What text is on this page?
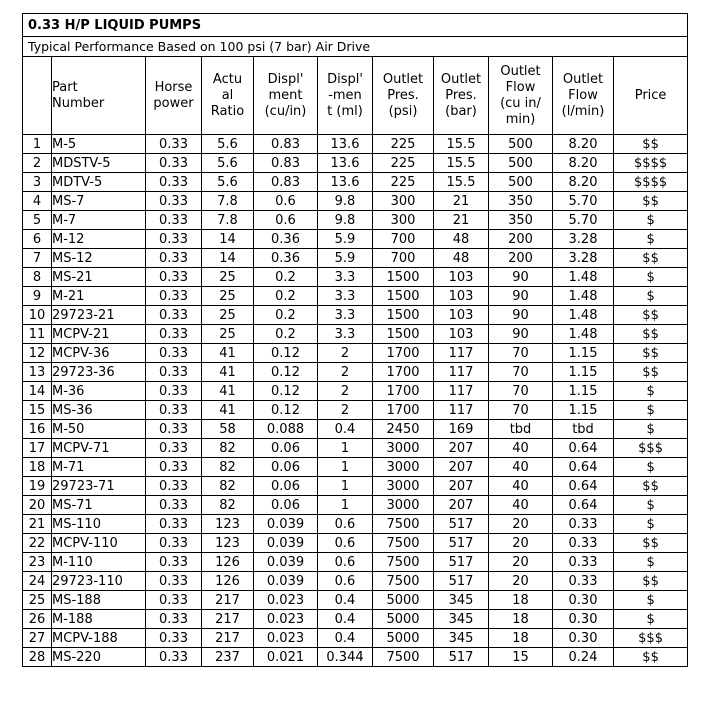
0.33 H/P LIQUID PUMPS										
Typical Performance Based on 100 psi (7 bar) Air Drive										
	Part
Number	Horse
power	Actu
al
Ratio	Displ'
ment
(cu/in)	Displ'
-men
t (ml)	Outlet
Pres.
(psi)	Outlet
Pres.
(bar)	Outlet
Flow
(cu in/
min)	Outlet
Flow
(l/min)	Price
1	M-5	0.33	5.6	0.83	13.6	225	15.5	500	8.20	$$
2	MDSTV-5	0.33	5.6	0.83	13.6	225	15.5	500	8.20	$$$$
3	MDTV-5	0.33	5.6	0.83	13.6	225	15.5	500	8.20	$$$$
4	MS-7	0.33	7.8	0.6	9.8	300	21	350	5.70	$$
5	M-7	0.33	7.8	0.6	9.8	300	21	350	5.70	$
6	M-12	0.33	14	0.36	5.9	700	48	200	3.28	$
7	MS-12	0.33	14	0.36	5.9	700	48	200	3.28	$$
8	MS-21	0.33	25	0.2	3.3	1500	103	90	1.48	$
9	M-21	0.33	25	0.2	3.3	1500	103	90	1.48	$
10	29723-21	0.33	25	0.2	3.3	1500	103	90	1.48	$$
11	MCPV-21	0.33	25	0.2	3.3	1500	103	90	1.48	$$
12	MCPV-36	0.33	41	0.12	2	1700	117	70	1.15	$$
13	29723-36	0.33	41	0.12	2	1700	117	70	1.15	$$
14	M-36	0.33	41	0.12	2	1700	117	70	1.15	$
15	MS-36	0.33	41	0.12	2	1700	117	70	1.15	$
16	M-50	0.33	58	0.088	0.4	2450	169	tbd	tbd	$
17	MCPV-71	0.33	82	0.06	1	3000	207	40	0.64	$$$
18	M-71	0.33	82	0.06	1	3000	207	40	0.64	$
19	29723-71	0.33	82	0.06	1	3000	207	40	0.64	$$
20	MS-71	0.33	82	0.06	1	3000	207	40	0.64	$
21	MS-110	0.33	123	0.039	0.6	7500	517	20	0.33	$
22	MCPV-110	0.33	123	0.039	0.6	7500	517	20	0.33	$$
23	M-110	0.33	126	0.039	0.6	7500	517	20	0.33	$
24	29723-110	0.33	126	0.039	0.6	7500	517	20	0.33	$$
25	MS-188	0.33	217	0.023	0.4	5000	345	18	0.30	$
26	M-188	0.33	217	0.023	0.4	5000	345	18	0.30	$
27	MCPV-188	0.33	217	0.023	0.4	5000	345	18	0.30	$$$
28	MS-220	0.33	237	0.021	0.344	7500	517	15	0.24	$$
